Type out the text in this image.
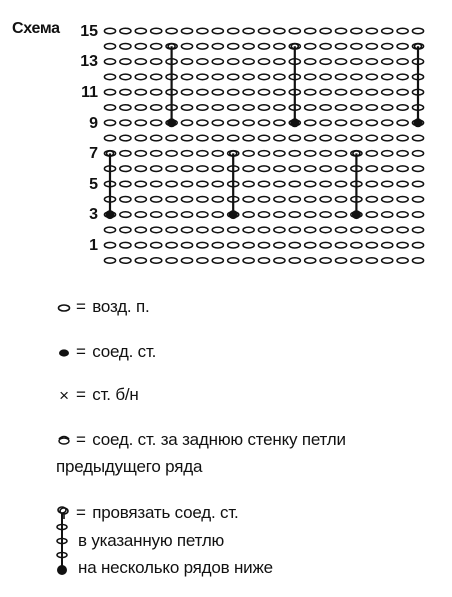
Схема	15
13
11
9
7
5
3
1
= возд. п.
= соед. ст.
× = ст. б/н
= соед. ст. за заднюю стенку петли
предыдущего ряда
= провязать соед. ст.
в указанную петлю
на несколько рядов ниже
